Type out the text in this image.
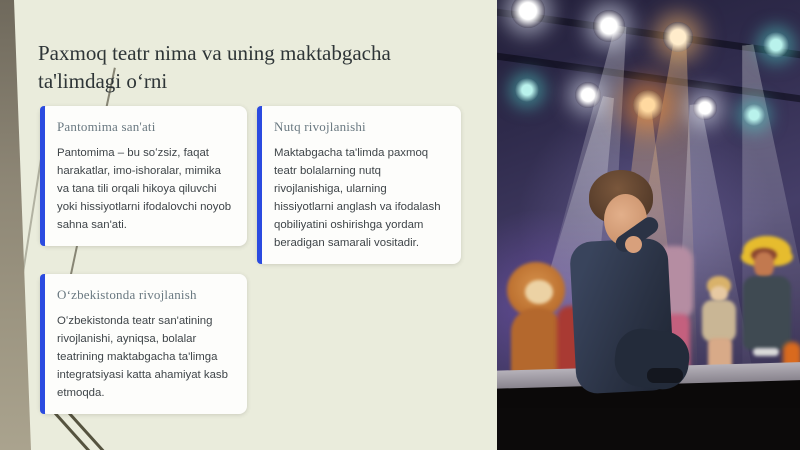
Paxmoq teatr nima va uning maktabgacha ta'limdagi oʻrni
Pantomima san'ati

Pantomima – bu soʻzsiz, faqat harakatlar, imo-ishoralar, mimika va tana tili orqali hikoya qiluvchi yoki hissiyotlarni ifodalovchi noyob sahna san'ati.

Nutq rivojlanishi

Maktabgacha ta'limda paxmoq teatr bolalarning nutq rivojlanishiga, ularning hissiyotlarni anglash va ifodalash qobiliyatini oshirishga yordam beradigan samarali vositadir.

Oʻzbekistonda rivojlanish

Oʻzbekistonda teatr san'atining rivojlanishi, ayniqsa, bolalar teatrining maktabgacha ta'limga integratsiyasi katta ahamiyat kasb etmoqda.
